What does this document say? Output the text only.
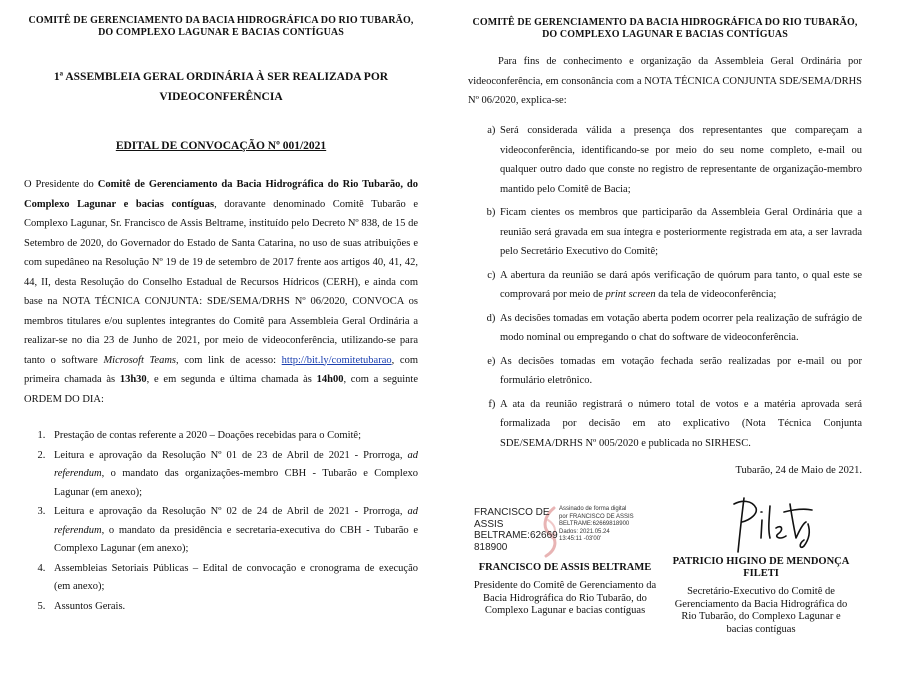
COMITÊ DE GERENCIAMENTO DA BACIA HIDROGRÁFICA DO RIO TUBARÃO, DO COMPLEXO LAGUNAR E BACIAS CONTÍGUAS
1ª ASSEMBLEIA GERAL ORDINÁRIA À SER REALIZADA POR VIDEOCONFERÊNCIA
EDITAL DE CONVOCAÇÃO Nº 001/2021

O Presidente do Comitê de Gerenciamento da Bacia Hidrográfica do Rio Tubarão, do Complexo Lagunar e bacias contíguas, doravante denominado Comitê Tubarão e Complexo Lagunar, Sr. Francisco de Assis Beltrame, instituído pelo Decreto Nº 838, de 15 de Setembro de 2020, do Governador do Estado de Santa Catarina, no uso de suas atribuições e com supedâneo na Resolução Nº 19 de 19 de setembro de 2017 frente aos artigos 40, 41, 42, 44, II, desta Resolução do Conselho Estadual de Recursos Hídricos (CERH), e ainda com base na NOTA TÉCNICA CONJUNTA: SDE/SEMA/DRHS Nº 06/2020, CONVOCA os membros titulares e/ou suplentes integrantes do Comitê para Assembleia Geral Ordinária a realizar-se no dia 23 de Junho de 2021, por meio de videoconferência, utilizando-se para tanto o software Microsoft Teams, com link de acesso: http://bit.ly/comitetubarao, com primeira chamada às 13h30, e em segunda e última chamada às 14h00, com a seguinte ORDEM DO DIA:

1. Prestação de contas referente a 2020 – Doações recebidas para o Comitê;
2. Leitura e aprovação da Resolução Nº 01 de 23 de Abril de 2021 - Prorroga, ad referendum, o mandato das organizações-membro CBH - Tubarão e Complexo Lagunar (em anexo);
3. Leitura e aprovação da Resolução Nº 02 de 24 de Abril de 2021 - Prorroga, ad referendum, o mandato da presidência e secretaria-executiva do CBH - Tubarão e Complexo Lagunar (em anexo);
4. Assembleias Setoriais Públicas – Edital de convocação e cronograma de execução (em anexo);
5. Assuntos Gerais.
COMITÊ DE GERENCIAMENTO DA BACIA HIDROGRÁFICA DO RIO TUBARÃO, DO COMPLEXO LAGUNAR E BACIAS CONTÍGUAS

Para fins de conhecimento e organização da Assembleia Geral Ordinária por videoconferência, em consonância com a NOTA TÉCNICA CONJUNTA SDE/SEMA/DRHS Nº 06/2020, explica-se:

a. Será considerada válida a presença dos representantes que compareçam a videoconferência, identificando-se por meio do seu nome completo, e-mail ou qualquer outro dado que conste no registro de representante de organização-membro mantido pelo Comitê de Bacia;
b. Ficam cientes os membros que participarão da Assembleia Geral Ordinária que a reunião será gravada em sua íntegra e posteriormente registrada em ata, a ser lavrada pelo Secretário Executivo do Comitê;
c. A abertura da reunião se dará após verificação de quórum para tanto, o qual este se comprovará por meio de print screen da tela de videoconferência;
d. As decisões tomadas em votação aberta podem ocorrer pela realização de sufrágio de modo nominal ou empregando o chat do software de videoconferência.
e. As decisões tomadas em votação fechada serão realizadas por e-mail ou por formulário eletrônico.
f. A ata da reunião registrará o número total de votos e a matéria aprovada será formalizada por decisão em ato explicativo (Nota Técnica Conjunta SDE/SEMA/DRHS Nº 005/2020 e publicada no SIRHESC.
Tubarão, 24 de Maio de 2021.
FRANCISCO DE
ASSIS
BELTRAME:62669
818900
Assinado de forma digital
por FRANCISCO DE ASSIS
BELTRAME:62669818900
Dados: 2021.05.24
13:45:11 -03'00'
FRANCISCO DE ASSIS BELTRAME
Presidente do Comitê de Gerenciamento da Bacia Hidrográfica do Rio Tubarão, do Complexo Lagunar e bacias contíguas
PATRICIO HIGINO DE MENDONÇA FILETI
Secretário-Executivo do Comitê de Gerenciamento da Bacia Hidrográfica do Rio Tubarão, do Complexo Lagunar e bacias contíguas
